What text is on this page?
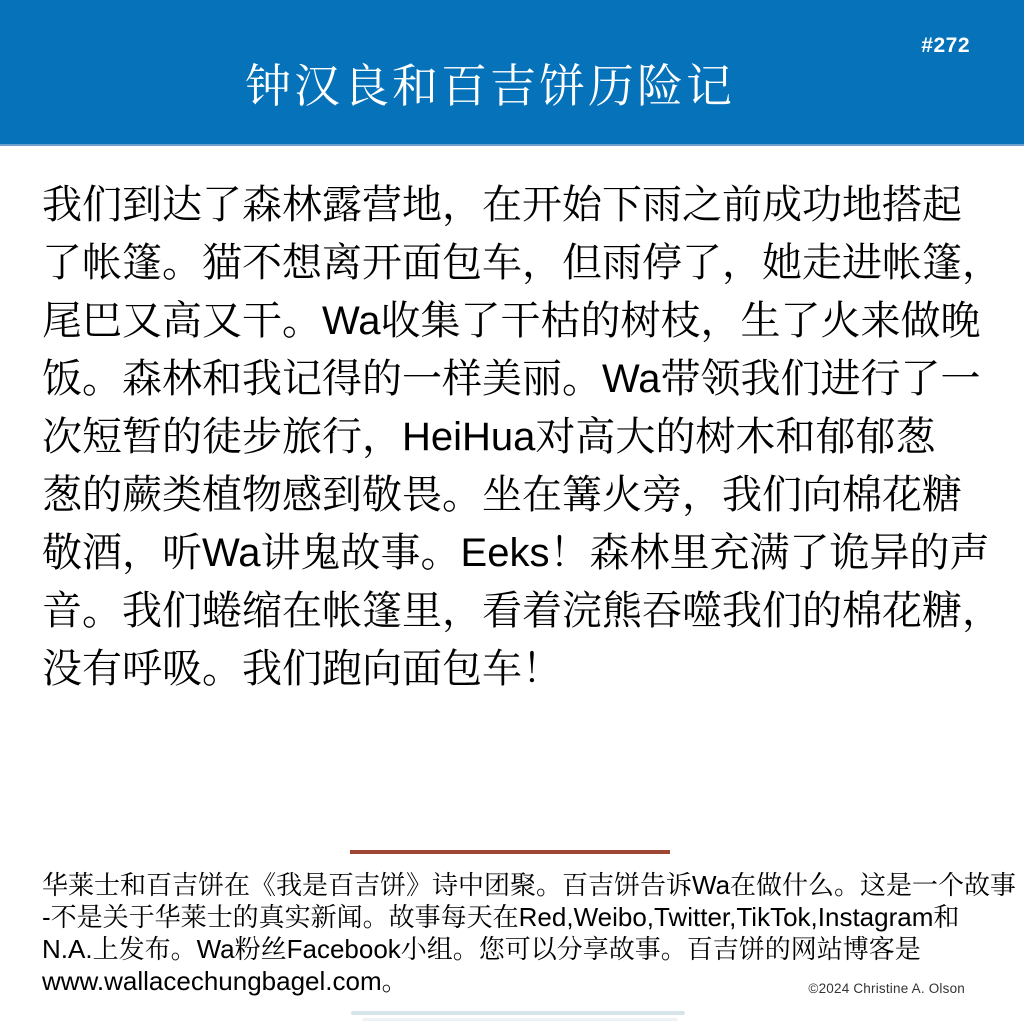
钟汉良和百吉饼历险记
#272
我们到达了森林露营地，在开始下雨之前成功地搭起
了帐篷。猫不想离开面包车，但雨停了，她走进帐篷，
尾巴又高又干。Wa收集了干枯的树枝，生了火来做晚
饭。森林和我记得的一样美丽。Wa带领我们进行了一
次短暂的徒步旅行，HeiHua对高大的树木和郁郁葱
葱的蕨类植物感到敬畏。坐在篝火旁，我们向棉花糖
敬酒，听Wa讲鬼故事。Eeks！森林里充满了诡异的声
音。我们蜷缩在帐篷里，看着浣熊吞噬我们的棉花糖，
没有呼吸。我们跑向面包车！
华莱士和百吉饼在《我是百吉饼》诗中团聚。百吉饼告诉Wa在做什么。这是一个故事
-不是关于华莱士的真实新闻。故事每天在Red,Weibo,Twitter,TikTok,Instagram和
N.A.上发布。Wa粉丝Facebook小组。您可以分享故事。百吉饼的网站博客是
www.wallacechungbagel.com。	©2024 Christine A. Olson
